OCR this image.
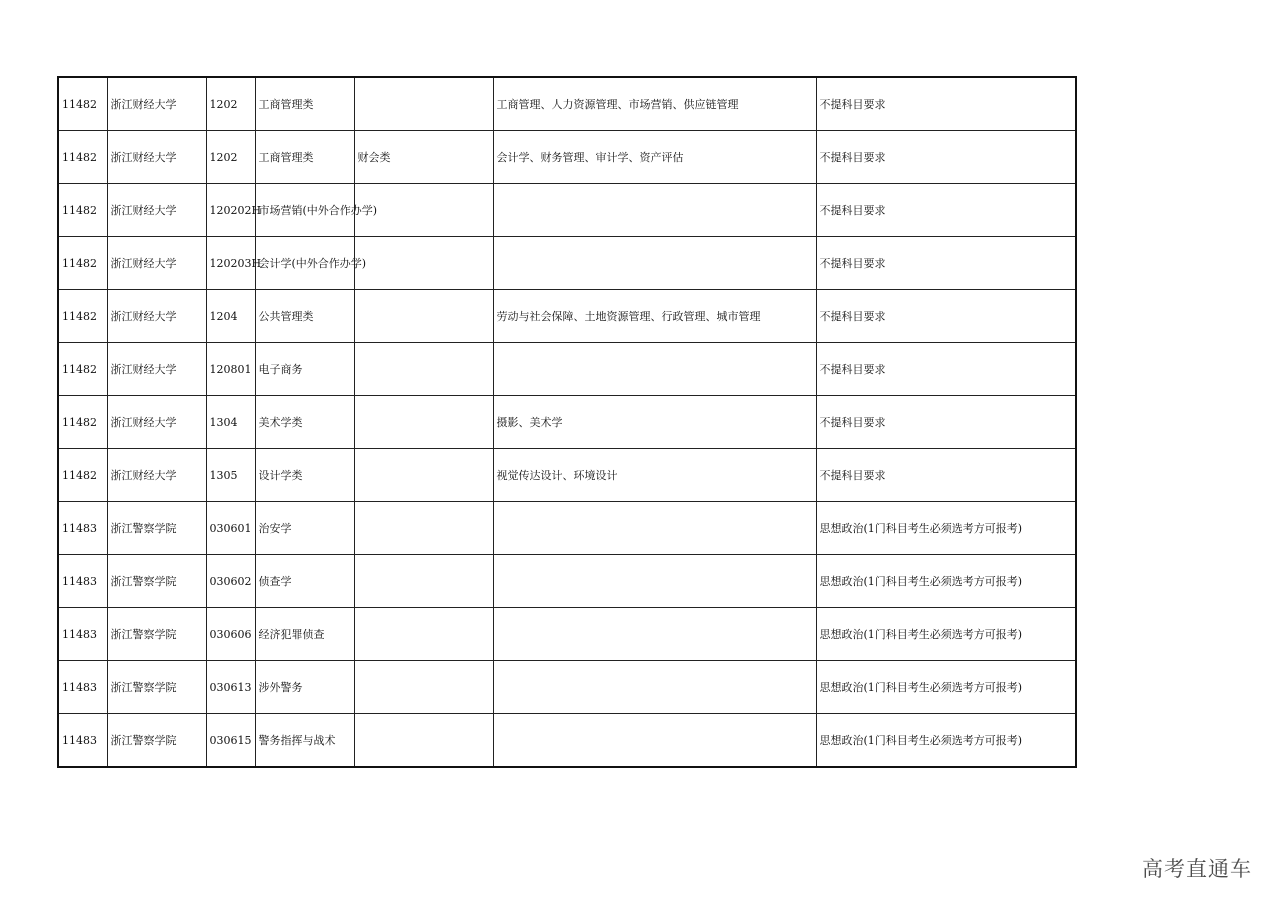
11482	浙江财经大学	1202	工商管理类		工商管理、人力资源管理、市场营销、供应链管理	不提科目要求
11482	浙江财经大学	1202	工商管理类	财会类	会计学、财务管理、审计学、资产评估	不提科目要求
11482	浙江财经大学	120202H	市场营销(中外合作办学)			不提科目要求
11482	浙江财经大学	120203H	会计学(中外合作办学)			不提科目要求
11482	浙江财经大学	1204	公共管理类		劳动与社会保障、土地资源管理、行政管理、城市管理	不提科目要求
11482	浙江财经大学	120801	电子商务			不提科目要求
11482	浙江财经大学	1304	美术学类		摄影、美术学	不提科目要求
11482	浙江财经大学	1305	设计学类		视觉传达设计、环境设计	不提科目要求
11483	浙江警察学院	030601	治安学			思想政治(1门科目考生必须选考方可报考)
11483	浙江警察学院	030602	侦查学			思想政治(1门科目考生必须选考方可报考)
11483	浙江警察学院	030606	经济犯罪侦查			思想政治(1门科目考生必须选考方可报考)
11483	浙江警察学院	030613	涉外警务			思想政治(1门科目考生必须选考方可报考)
11483	浙江警察学院	030615	警务指挥与战术			思想政治(1门科目考生必须选考方可报考)
高考直通车
